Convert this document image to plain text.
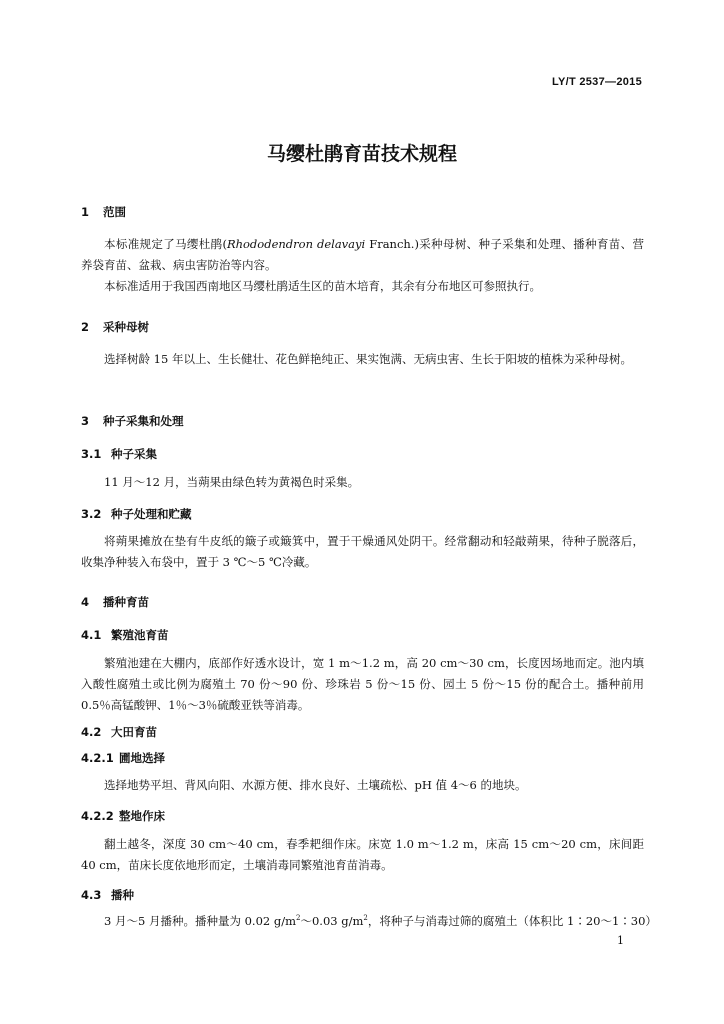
LY/T 2537—2015
马缨杜鹃育苗技术规程
1 范围
本标准规定了马缨杜鹃(Rhododendron delavayi Franch.)采种母树、种子采集和处理、播种育苗、营养袋育苗、盆栽、病虫害防治等内容。
本标准适用于我国西南地区马缨杜鹃适生区的苗木培育，其余有分布地区可参照执行。
2 采种母树
选择树龄 15 年以上、生长健壮、花色鲜艳纯正、果实饱满、无病虫害、生长于阳坡的植株为采种母树。
3 种子采集和处理
3.1 种子采集
11 月～12 月，当蒴果由绿色转为黄褐色时采集。
3.2 种子处理和贮藏
将蒴果摊放在垫有牛皮纸的簸子或簸箕中，置于干燥通风处阴干。经常翻动和轻敲蒴果，待种子脱落后，收集净种装入布袋中，置于 3 ℃～5 ℃冷藏。
4 播种育苗
4.1 繁殖池育苗
繁殖池建在大棚内，底部作好透水设计，宽 1 m～1.2 m，高 20 cm～30 cm，长度因场地而定。池内填入酸性腐殖土或比例为腐殖土 70 份～90 份、珍珠岩 5 份～15 份、园土 5 份～15 份的配合土。播种前用 0.5％高锰酸钾、1％～3％硫酸亚铁等消毒。
4.2 大田育苗
4.2.1 圃地选择
选择地势平坦、背风向阳、水源方便、排水良好、土壤疏松、pH 值 4～6 的地块。
4.2.2 整地作床
翻土越冬，深度 30 cm～40 cm，春季耙细作床。床宽 1.0 m～1.2 m，床高 15 cm～20 cm，床间距 40 cm，苗床长度依地形而定，土壤消毒同繁殖池育苗消毒。
4.3 播种
3 月～5 月播种。播种量为 0.02 $g/m^2\sim 0.03$ $g/m^2$，将种子与消毒过筛的腐殖土（体积比 1∶20～1∶30）
1
